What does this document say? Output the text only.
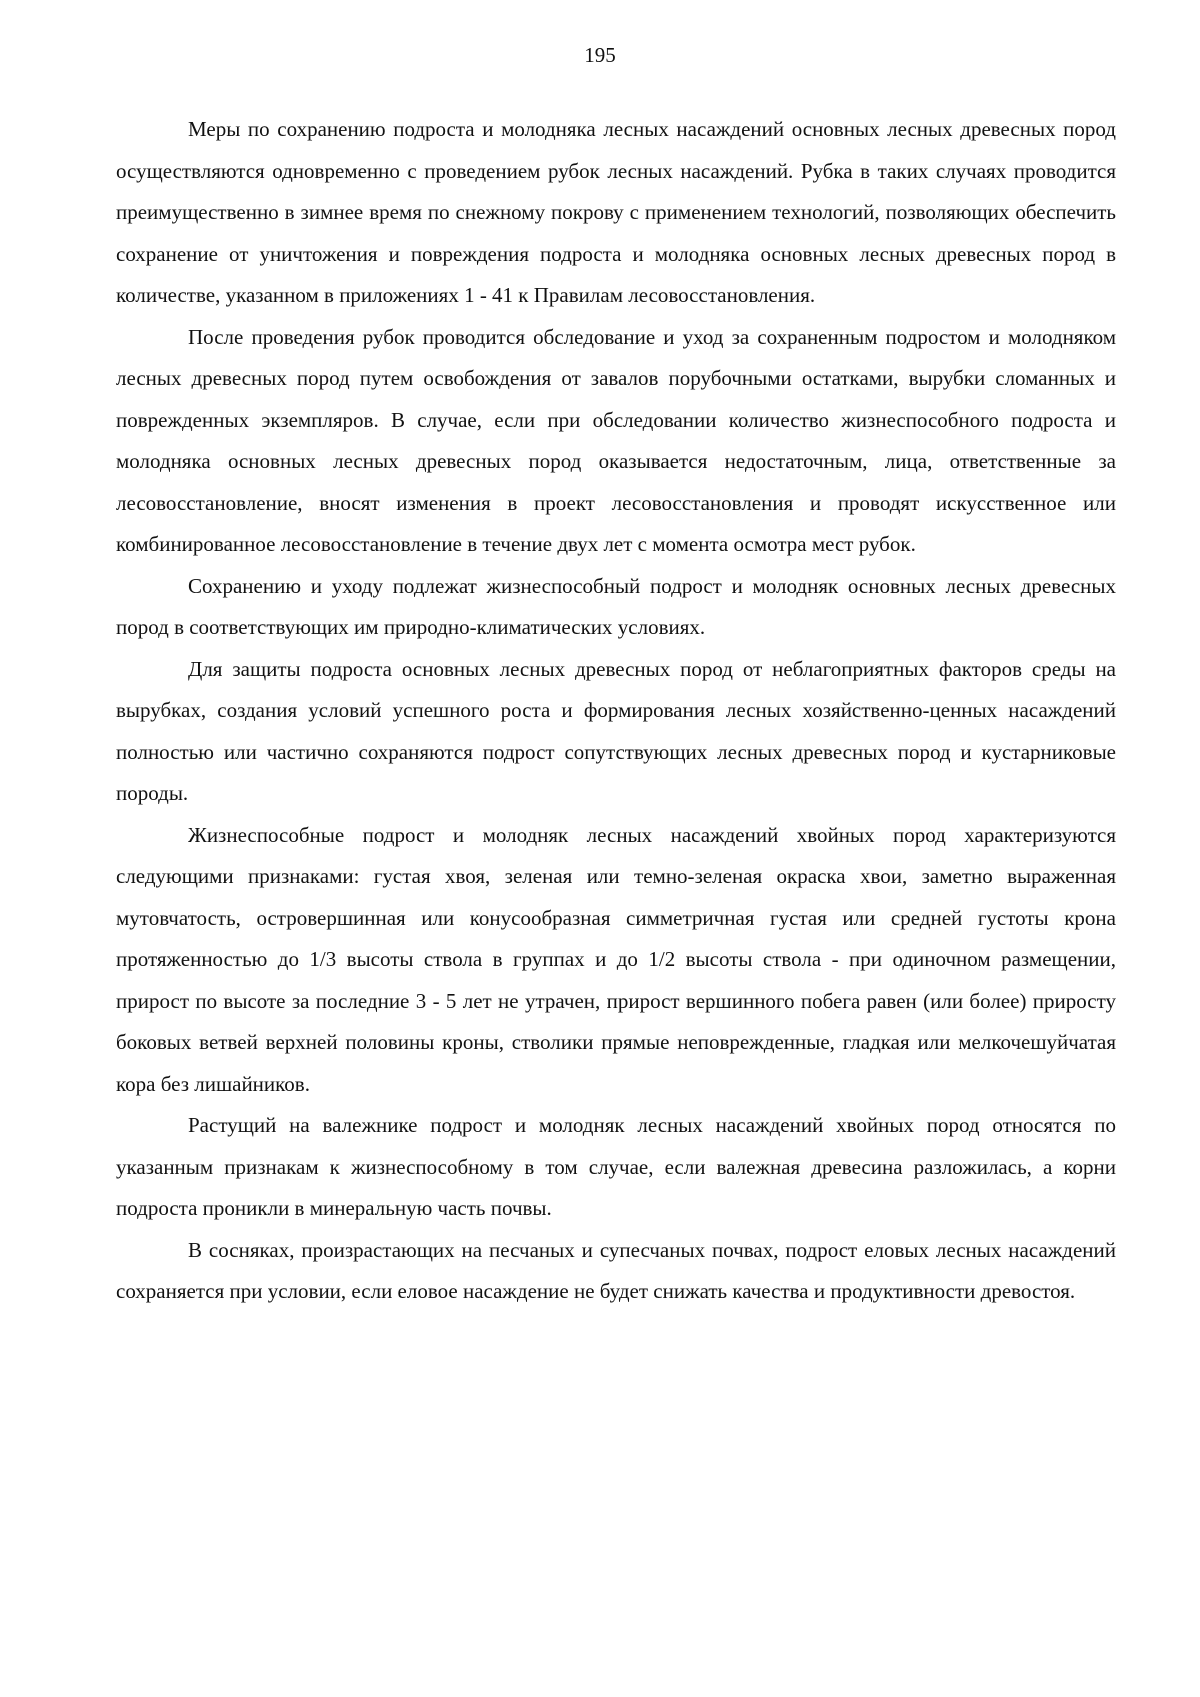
195

Меры по сохранению подроста и молодняка лесных насаждений основных лесных древесных пород осуществляются одновременно с проведением рубок лесных насаждений. Рубка в таких случаях проводится преимущественно в зимнее время по снежному покрову с применением технологий, позволяющих обеспечить сохранение от уничтожения и повреждения подроста и молодняка основных лесных древесных пород в количестве, указанном в приложениях 1 - 41 к Правилам лесовосстановления.

После проведения рубок проводится обследование и уход за сохраненным подростом и молодняком лесных древесных пород путем освобождения от завалов порубочными остатками, вырубки сломанных и поврежденных экземпляров. В случае, если при обследовании количество жизнеспособного подроста и молодняка основных лесных древесных пород оказывается недостаточным, лица, ответственные за лесовосстановление, вносят изменения в проект лесовосстановления и проводят искусственное или комбинированное лесовосстановление в течение двух лет с момента осмотра мест рубок.

Сохранению и уходу подлежат жизнеспособный подрост и молодняк основных лесных древесных пород в соответствующих им природно-климатических условиях.

Для защиты подроста основных лесных древесных пород от неблагоприятных факторов среды на вырубках, создания условий успешного роста и формирования лесных хозяйственно-ценных насаждений полностью или частично сохраняются подрост сопутствующих лесных древесных пород и кустарниковые породы.

Жизнеспособные подрост и молодняк лесных насаждений хвойных пород характеризуются следующими признаками: густая хвоя, зеленая или темно-зеленая окраска хвои, заметно выраженная мутовчатость, островершинная или конусообразная симметричная густая или средней густоты крона протяженностью до 1/3 высоты ствола в группах и до 1/2 высоты ствола - при одиночном размещении, прирост по высоте за последние 3 - 5 лет не утрачен, прирост вершинного побега равен (или более) приросту боковых ветвей верхней половины кроны, стволики прямые неповрежденные, гладкая или мелкочешуйчатая кора без лишайников.

Растущий на валежнике подрост и молодняк лесных насаждений хвойных пород относятся по указанным признакам к жизнеспособному в том случае, если валежная древесина разложилась, а корни подроста проникли в минеральную часть почвы.

В сосняках, произрастающих на песчаных и супесчаных почвах, подрост еловых лесных насаждений сохраняется при условии, если еловое насаждение не будет снижать качества и продуктивности древостоя.
